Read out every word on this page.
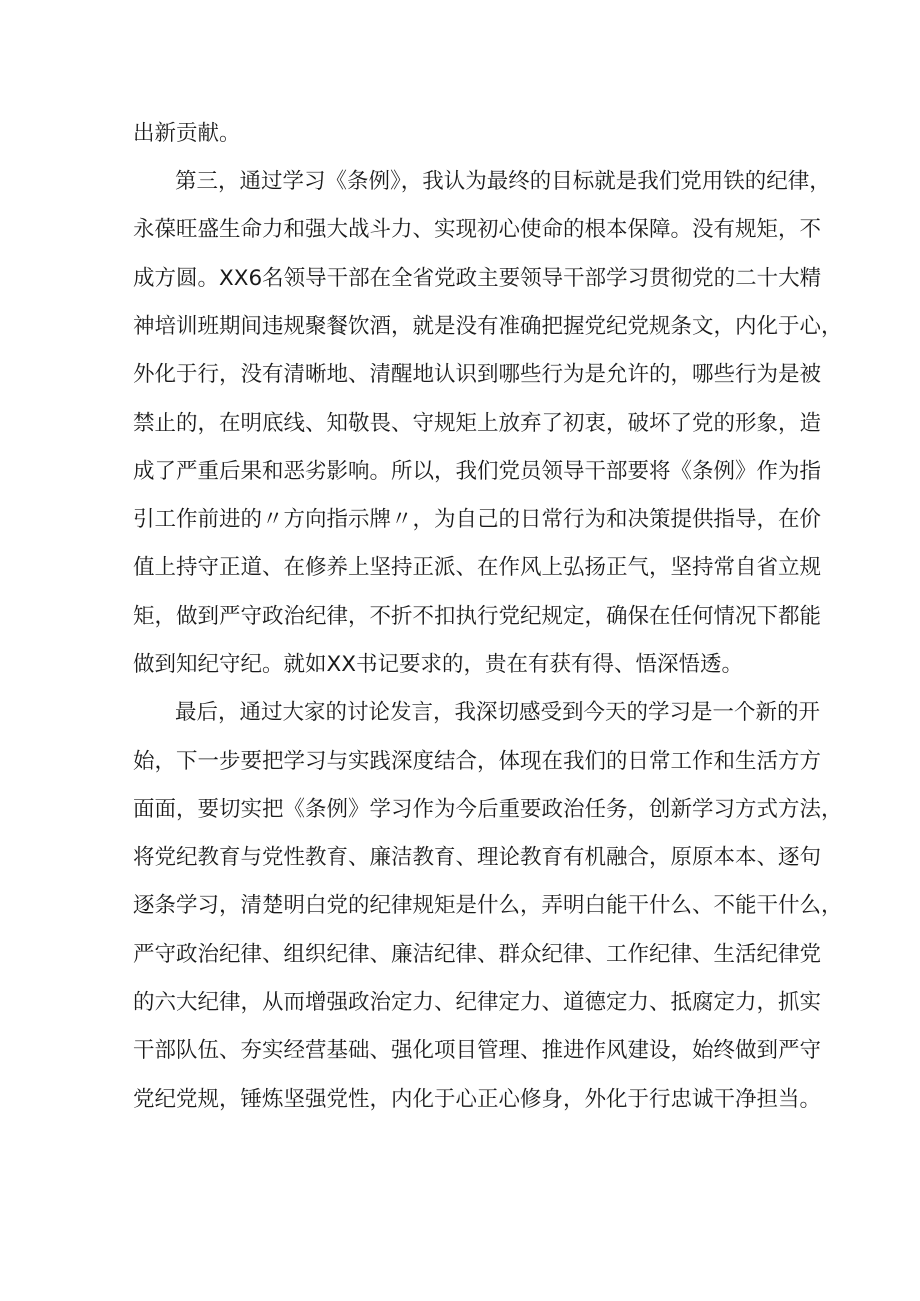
出新贡献。
第三，通过学习《条例》，我认为最终的目标就是我们党用铁的纪律，
永葆旺盛生命力和强大战斗力、实现初心使命的根本保障。没有规矩，不
成方圆。XX6名领导干部在全省党政主要领导干部学习贯彻党的二十大精
神培训班期间违规聚餐饮酒，就是没有准确把握党纪党规条文，内化于心，
外化于行，没有清晰地、清醒地认识到哪些行为是允许的，哪些行为是被
禁止的，在明底线、知敬畏、守规矩上放弃了初衷，破坏了党的形象，造
成了严重后果和恶劣影响。所以，我们党员领导干部要将《条例》作为指
引工作前进的〃方向指示牌〃，为自己的日常行为和决策提供指导，在价
值上持守正道、在修养上坚持正派、在作风上弘扬正气，坚持常自省立规
矩，做到严守政治纪律，不折不扣执行党纪规定，确保在任何情况下都能
做到知纪守纪。就如XX书记要求的，贵在有获有得、悟深悟透。
最后，通过大家的讨论发言，我深切感受到今天的学习是一个新的开
始，下一步要把学习与实践深度结合，体现在我们的日常工作和生活方方
面面，要切实把《条例》学习作为今后重要政治任务，创新学习方式方法，
将党纪教育与党性教育、廉洁教育、理论教育有机融合，原原本本、逐句
逐条学习，清楚明白党的纪律规矩是什么，弄明白能干什么、不能干什么，
严守政治纪律、组织纪律、廉洁纪律、群众纪律、工作纪律、生活纪律党
的六大纪律，从而增强政治定力、纪律定力、道德定力、抵腐定力，抓实
干部队伍、夯实经营基础、强化项目管理、推进作风建设，始终做到严守
党纪党规，锤炼坚强党性，内化于心正心修身，外化于行忠诚干净担当。
